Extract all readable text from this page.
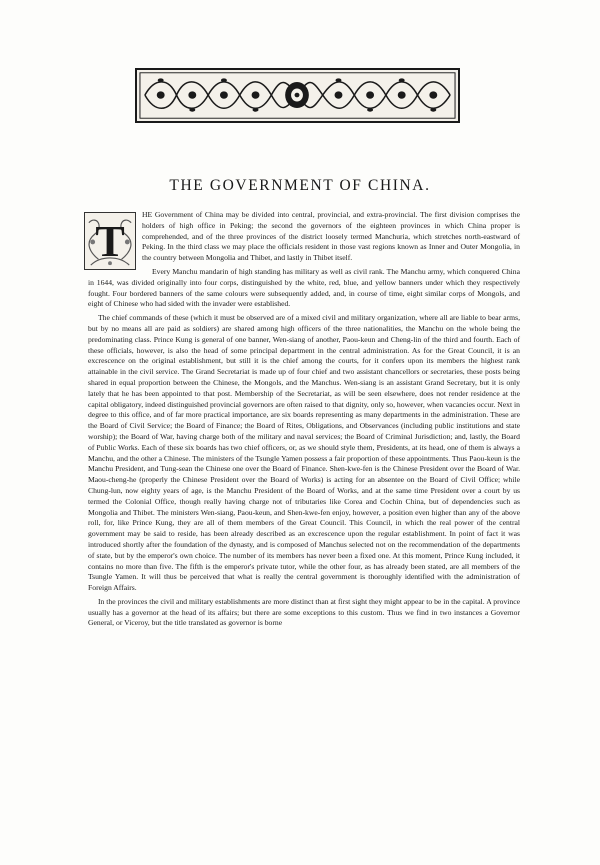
THE GOVERNMENT OF CHINA.
T

HE Government of China may be divided into central, provincial, and extra-provincial. The first division comprises the holders of high office in Peking; the second the governors of the eighteen provinces in which China proper is comprehended, and of the three provinces of the district loosely termed Manchuria, which stretches north-eastward of Peking. In the third class we may place the officials resident in those vast regions known as Inner and Outer Mongolia, in the country between Mongolia and Thibet, and lastly in Thibet itself.

Every Manchu mandarin of high standing has military as well as civil rank. The Manchu army, which conquered China in 1644, was divided originally into four corps, distinguished by the white, red, blue, and yellow banners under which they respectively fought. Four bordered banners of the same colours were subsequently added, and, in course of time, eight similar corps of Mongols, and eight of Chinese who had sided with the invader were established.

The chief commands of these (which it must be observed are of a mixed civil and military organization, where all are liable to bear arms, but by no means all are paid as soldiers) are shared among high officers of the three nationalities, the Manchu on the whole being the predominating class. Prince Kung is general of one banner, Wen-siang of another, Paou-keun and Cheng-lin of the third and fourth. Each of these officials, however, is also the head of some principal department in the central administration. As for the Great Council, it is an excrescence on the original establishment, but still it is the chief among the courts, for it confers upon its members the highest rank attainable in the civil service. The Grand Secretariat is made up of four chief and two assistant chancellors or secretaries, these posts being shared in equal proportion between the Chinese, the Mongols, and the Manchus. Wen-siang is an assistant Grand Secretary, but it is only lately that he has been appointed to that post. Membership of the Secretariat, as will be seen elsewhere, does not render residence at the capital obligatory, indeed distinguished provincial governors are often raised to that dignity, only so, however, when vacancies occur. Next in degree to this office, and of far more practical importance, are six boards representing as many departments in the administration. These are the Board of Civil Service; the Board of Finance; the Board of Rites, Obligations, and Observances (including public institutions and state worship); the Board of War, having charge both of the military and naval services; the Board of Criminal Jurisdiction; and, lastly, the Board of Public Works. Each of these six boards has two chief officers, or, as we should style them, Presidents, at its head, one of them is always a Manchu, and the other a Chinese. The ministers of the Tsungle Yamen possess a fair proportion of these appointments. Thus Paou-keun is the Manchu President, and Tung-sean the Chinese one over the Board of Finance. Shen-kwe-fen is the Chinese President over the Board of War. Maou-cheng-he (properly the Chinese President over the Board of Works) is acting for an absentee on the Board of Civil Office; while Chung-lun, now eighty years of age, is the Manchu President of the Board of Works, and at the same time President over a court by us termed the Colonial Office, though really having charge not of tributaries like Corea and Cochin China, but of dependencies such as Mongolia and Thibet. The ministers Wen-siang, Paou-keun, and Shen-kwe-fen enjoy, however, a position even higher than any of the above roll, for, like Prince Kung, they are all of them members of the Great Council. This Council, in which the real power of the central government may be said to reside, has been already described as an excrescence upon the regular establishment. In point of fact it was introduced shortly after the foundation of the dynasty, and is composed of Manchus selected not on the recommendation of the departments of state, but by the emperor's own choice. The number of its members has never been a fixed one. At this moment, Prince Kung included, it contains no more than five. The fifth is the emperor's private tutor, while the other four, as has already been stated, are all members of the Tsungle Yamen. It will thus be perceived that what is really the central government is thoroughly identified with the administration of Foreign Affairs.

In the provinces the civil and military establishments are more distinct than at first sight they might appear to be in the capital. A province usually has a governor at the head of its affairs; but there are some exceptions to this custom. Thus we find in two instances a Governor General, or Viceroy, but the title translated as governor is borne
